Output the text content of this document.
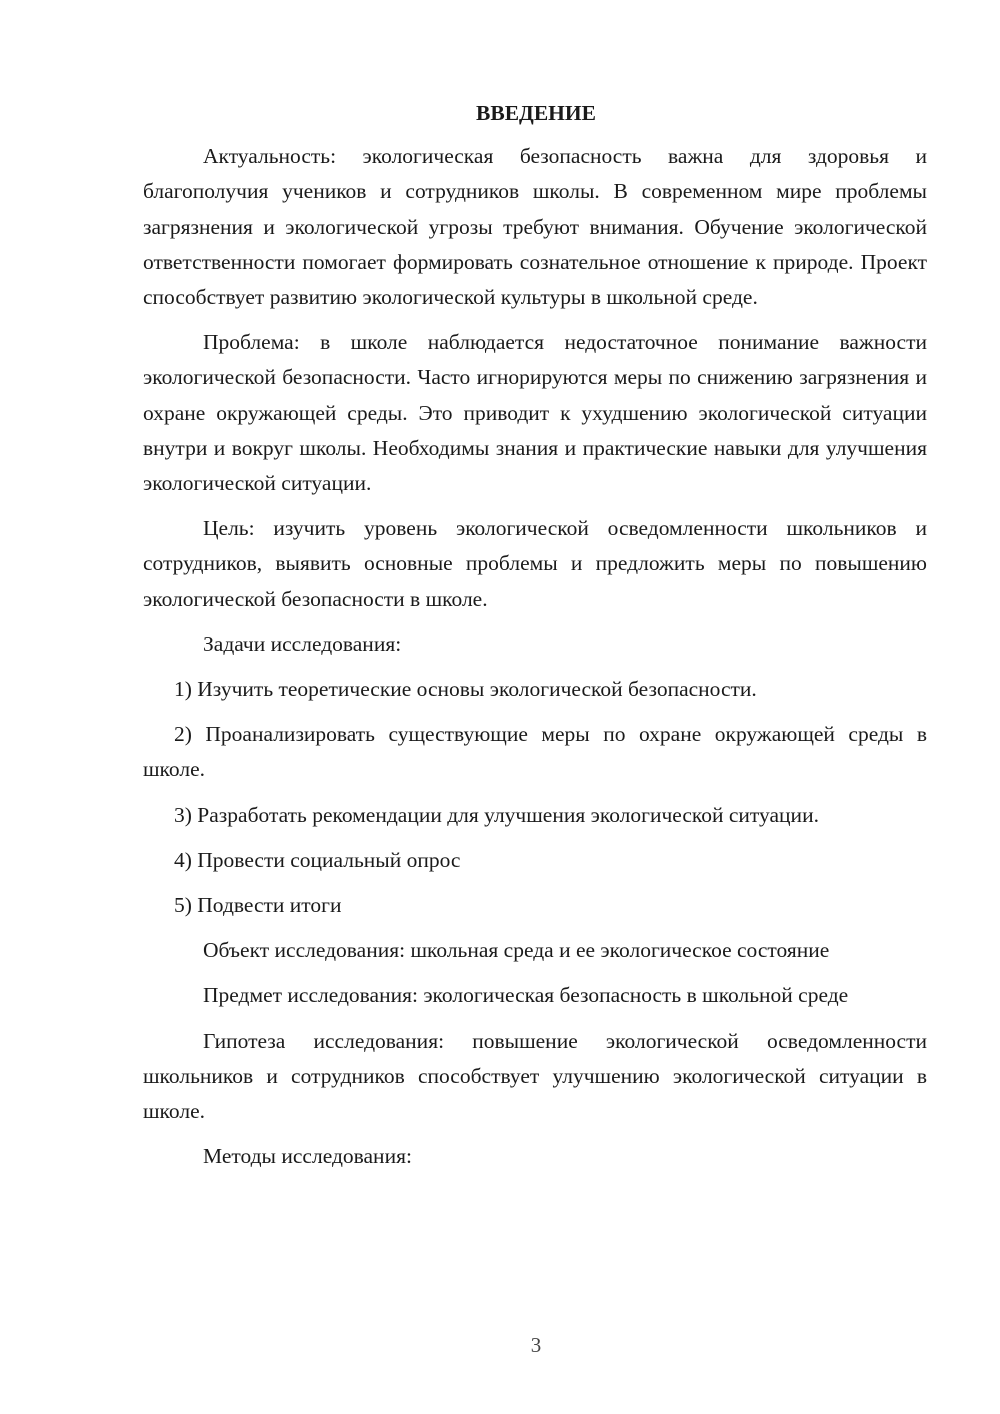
ВВЕДЕНИЕ

Актуальность: экологическая безопасность важна для здоровья и благополучия учеников и сотрудников школы. В современном мире проблемы загрязнения и экологической угрозы требуют внимания. Обучение экологической ответственности помогает формировать сознательное отношение к природе. Проект способствует развитию экологической культуры в школьной среде.

Проблема: в школе наблюдается недостаточное понимание важности экологической безопасности. Часто игнорируются меры по снижению загрязнения и охране окружающей среды. Это приводит к ухудшению экологической ситуации внутри и вокруг школы. Необходимы знания и практические навыки для улучшения экологической ситуации.

Цель: изучить уровень экологической осведомленности школьников и сотрудников, выявить основные проблемы и предложить меры по повышению экологической безопасности в школе.

Задачи исследования:

1) Изучить теоретические основы экологической безопасности.

2) Проанализировать существующие меры по охране окружающей среды в школе.

3) Разработать рекомендации для улучшения экологической ситуации.

4) Провести социальный опрос

5) Подвести итоги

Объект исследования: школьная среда и ее экологическое состояние

Предмет исследования: экологическая безопасность в школьной среде

Гипотеза исследования: повышение экологической осведомленности школьников и сотрудников способствует улучшению экологической ситуации в школе.

Методы исследования:

3
